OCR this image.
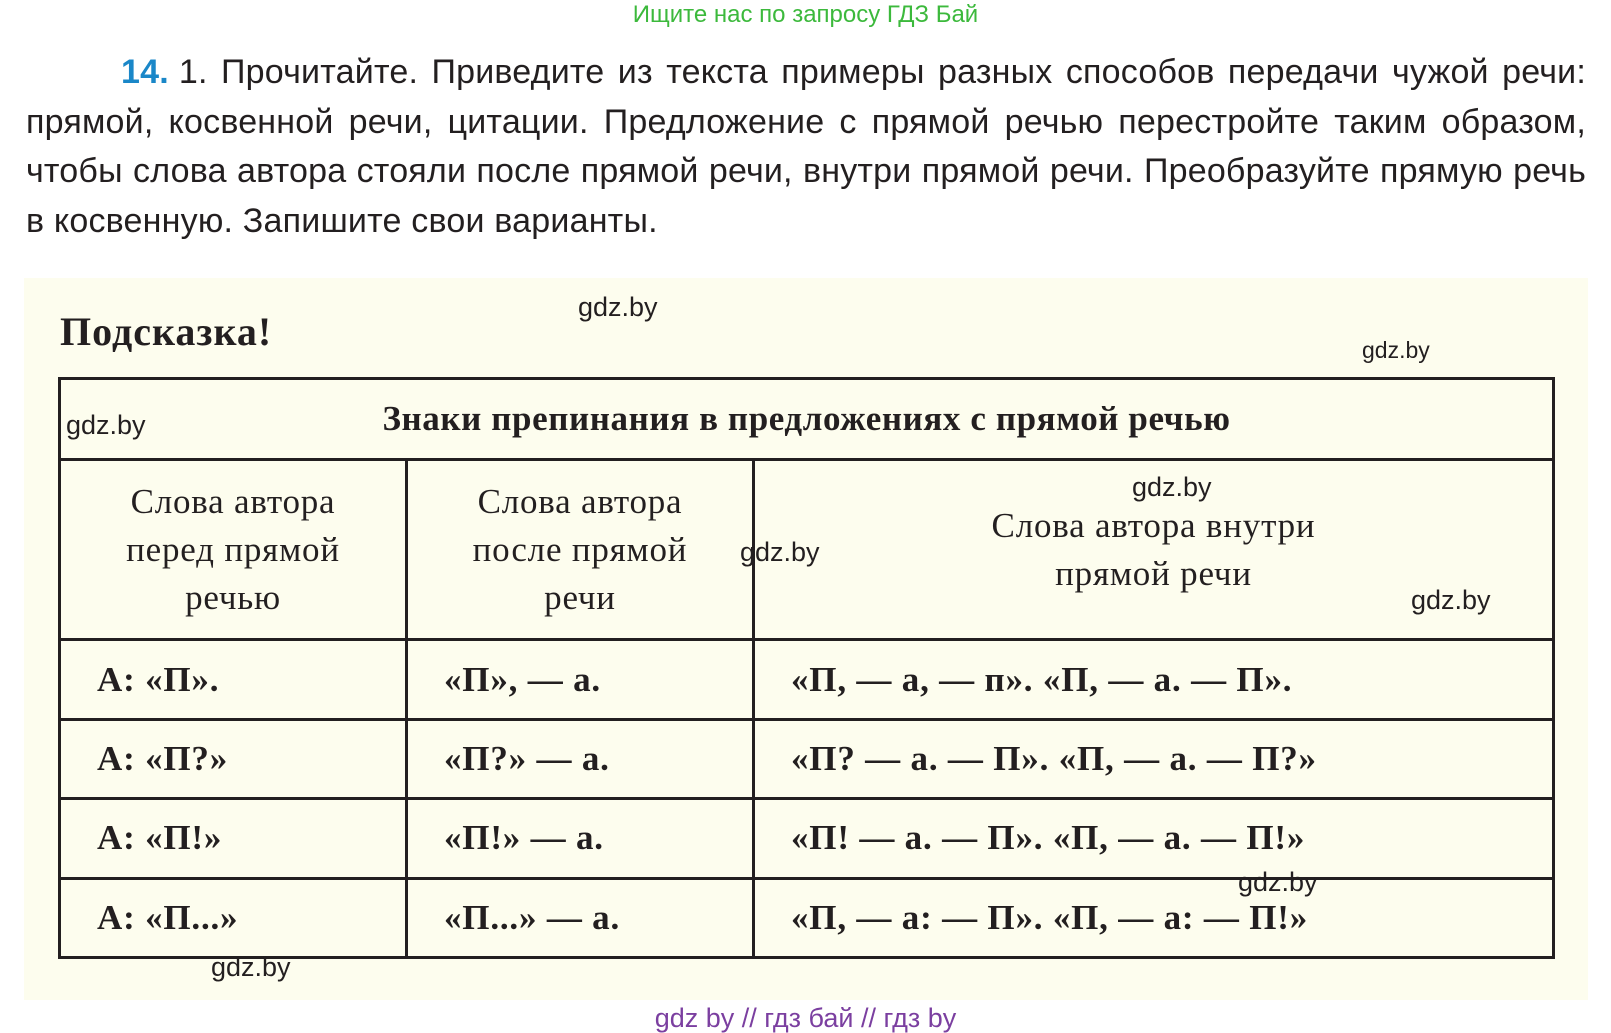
Ищите нас по запросу ГДЗ Бай
14. 1. Прочитайте. Приведите из текста примеры разных способов передачи чужой речи: прямой, косвенной речи, цитации. Предложение с прямой речью перестройте таким образом, чтобы слова автора стояли после прямой речи, внутри прямой речи. Преобразуйте прямую речь в косвенную. Запишите свои варианты.
Подсказка!
Знаки препинания в предложениях с прямой речью		

Слова автора перед прямой речью	Слова автора после прямой речи	Слова автора внутри прямой речи

А: «П».	«П», — а.	«П, — а, — п». «П, — а. — П».
А: «П?»	«П?» — а.	«П? — а. — П». «П, — а. — П?»
А: «П!»	«П!» — а.	«П! — а. — П». «П, — а. — П!»
А: «П...»	«П...» — а.	«П, — а: — П». «П, — а: — П!»
gdz.by
gdz.by
gdz.by
gdz.by
gdz.by
gdz.by
gdz.by
gdz.by
gdz by // гдз бай // гдз by
